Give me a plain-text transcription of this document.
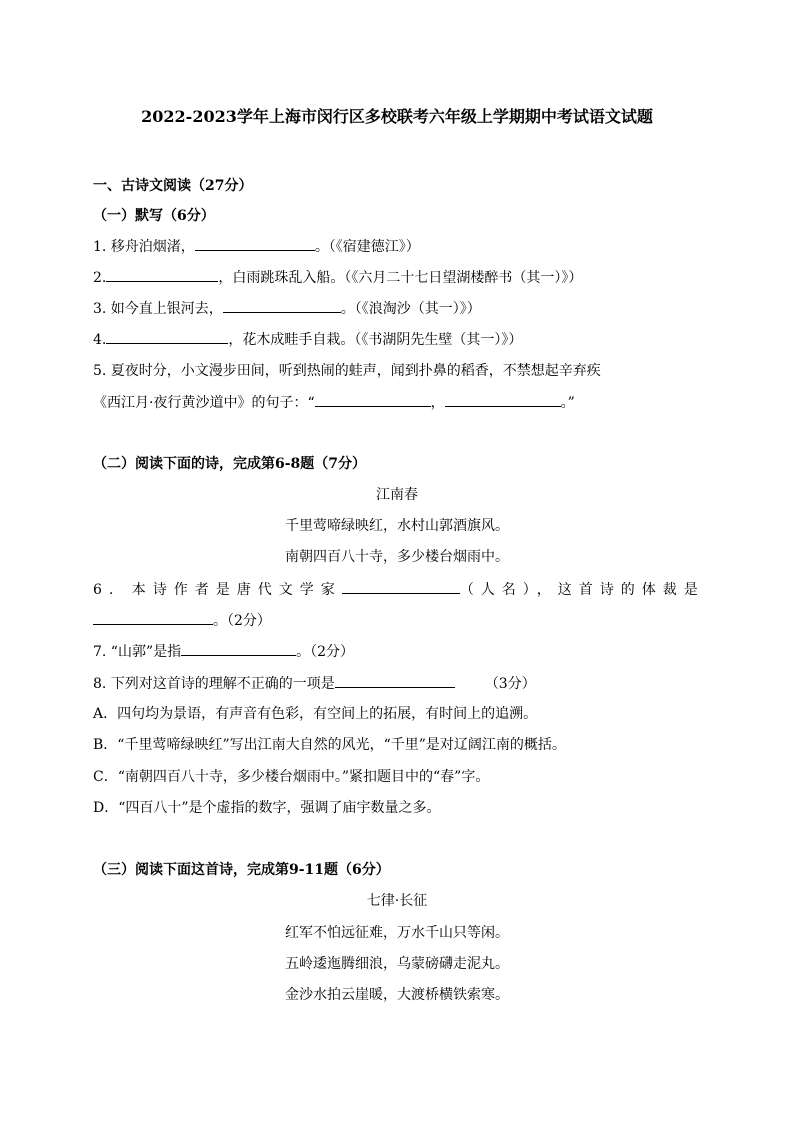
2022-2023学年上海市闵行区多校联考六年级上学期期中考试语文试题
一、古诗文阅读（27分）
（一）默写（6分）
1. 移舟泊烟渚，	。（《宿建德江》）
2.	，白雨跳珠乱入船。（《六月二十七日望湖楼醉书（其一）》）
3. 如今直上银河去，	。（《浪淘沙（其一）》）
4.	，花木成畦手自栽。（《书湖阴先生壁（其一）》）
5. 夏夜时分，小文漫步田间，听到热闹的蛙声，闻到扑鼻的稻香，不禁想起辛弃疾
《西江月·夜行黄沙道中》的句子：“	，	。”
（二）阅读下面的诗，完成第6-8题（7分）
江南春
千里莺啼绿映红，水村山郭酒旗风。
南朝四百八十寺，多少楼台烟雨中。
6. 本诗作者是唐代文学家	（人名），这首诗的体裁是
。（2分）
7. “山郭”是指	。（2分）
8. 下列对这首诗的理解不正确的一项是	（3分）
A．四句均为景语，有声音有色彩，有空间上的拓展，有时间上的追溯。
B．“千里莺啼绿映红”写出江南大自然的风光，“千里”是对辽阔江南的概括。
C．“南朝四百八十寺，多少楼台烟雨中。”紧扣题目中的“春”字。
D．“四百八十”是个虚指的数字，强调了庙宇数量之多。
（三）阅读下面这首诗，完成第9-11题（6分）
七律·长征
红军不怕远征难，万水千山只等闲。
五岭逶迤腾细浪，乌蒙磅礴走泥丸。
金沙水拍云崖暖，大渡桥横铁索寒。
